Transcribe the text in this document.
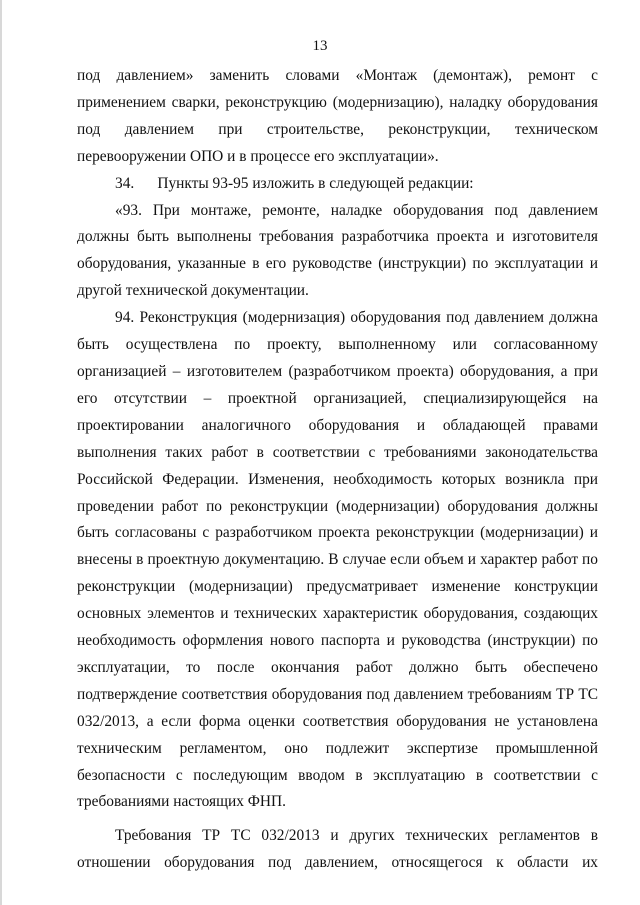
13

под давлением» заменить словами «Монтаж (демонтаж), ремонт с применением сварки, реконструкцию (модернизацию), наладку оборудования под давлением при строительстве, реконструкции, техническом перевооружении ОПО и в процессе его эксплуатации».

34.      Пункты 93-95 изложить в следующей редакции:

«93. При монтаже, ремонте, наладке оборудования под давлением должны быть выполнены требования разработчика проекта и изготовителя оборудования, указанные в его руководстве (инструкции) по эксплуатации и другой технической документации.

94. Реконструкция (модернизация) оборудования под давлением должна быть осуществлена по проекту, выполненному или согласованному организацией – изготовителем (разработчиком проекта) оборудования, а при его отсутствии – проектной организацией, специализирующейся на проектировании аналогичного оборудования и обладающей правами выполнения таких работ в соответствии с требованиями законодательства Российской Федерации. Изменения, необходимость которых возникла при проведении работ по реконструкции (модернизации) оборудования должны быть согласованы с разработчиком проекта реконструкции (модернизации) и внесены в проектную документацию. В случае если объем и характер работ по реконструкции (модернизации) предусматривает изменение конструкции основных элементов и технических характеристик оборудования, создающих необходимость оформления нового паспорта и руководства (инструкции) по эксплуатации, то после окончания работ должно быть обеспечено подтверждение соответствия оборудования под давлением требованиям ТР ТС 032/2013, а если форма оценки соответствия оборудования не установлена техническим регламентом, оно подлежит экспертизе промышленной безопасности с последующим вводом в эксплуатацию в соответствии с требованиями настоящих ФНП.

Требования ТР ТС 032/2013 и других технических регламентов в отношении оборудования под давлением, относящегося к области их
